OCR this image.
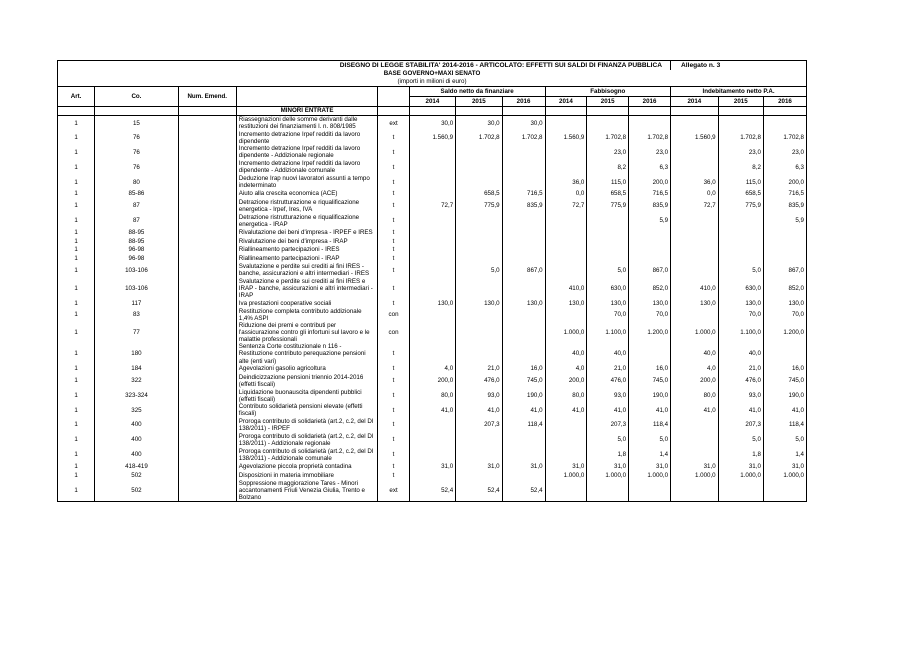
DISEGNO DI LEGGE STABILITA' 2014-2016 - ARTICOLATO: EFFETTI SUI SALDI DI FINANZA PUBBLICA											Allegato n. 3		
BASE GOVERNO+MAXI SENATO													
(importi in milioni di euro)													
Art.	Co.	Num. Emend.			Saldo netto da finanziare			Fabbisogno			Indebitamento netto P.A.		
					2014	2015	2016	2014	2015	2016	2014	2015	2016
			MINORI ENTRATE										
1	15		Riassegnazioni delle somme derivanti dalle restituzioni dei finanziamenti l. n. 808/1985	ext	30,0	30,0	30,0						
1	76		Incremento detrazione Irpef redditi da lavoro dipendente	t	1.560,9	1.702,8	1.702,8	1.560,9	1.702,8	1.702,8	1.560,9	1.702,8	1.702,8
1	76		Incremento detrazione Irpef redditi da lavoro dipendente - Addizionale regionale	t					23,0	23,0		23,0	23,0
1	76		Incremento detrazione Irpef redditi da lavoro dipendente - Addizionale comunale	t					8,2	6,3		8,2	6,3
1	80		Deduzione Irap nuovi lavoratori assunti a tempo indeterminato	t				36,0	115,0	200,0	36,0	115,0	200,0
1	85-86		Aiuto alla crescita economica (ACE)	t		658,5	716,5	0,0	658,5	716,5	0,0	658,5	716,5
1	87		Detrazione ristrutturazione e riqualificazione energetica - Irpef, Ires, IVA	t	72,7	775,9	835,9	72,7	775,9	835,9	72,7	775,9	835,9
1	87		Detrazione ristrutturazione e riqualificazione energetica - IRAP	t						5,9			5,9
1	88-95		Rivalutazione dei beni d'impresa - IRPEF e IRES	t									
1	88-95		Rivalutazione dei beni d'impresa - IRAP	t									
1	96-98		Riallineamento partecipazioni - IRES	t									
1	96-98		Riallineamento partecipazioni - IRAP	t									
1	103-106		Svalutazione e perdite sui crediti ai fini IRES - banche, assicurazioni e altri intermediari - IRES	t		5,0	867,0		5,0	867,0		5,0	867,0
1	103-106		Svalutazione e perdite sui crediti ai fini IRES e IRAP - banche, assicurazioni e altri intermediari - IRAP	t				410,0	630,0	852,0	410,0	630,0	852,0
1	117		Iva prestazioni cooperative sociali	t	130,0	130,0	130,0	130,0	130,0	130,0	130,0	130,0	130,0
1	83		Restituzione completa contributo addizionale 1,4% ASPI	con					70,0	70,0		70,0	70,0
1	77		Riduzione dei premi e contributi per l'assicurazione contro gli infortuni sul lavoro e le malattie professionali	con				1.000,0	1.100,0	1.200,0	1.000,0	1.100,0	1.200,0
1	180		Sentenza Corte costituzionale n 116 - Restituzione contributo perequazione pensioni alte (enti vari)	t				40,0	40,0		40,0	40,0	
1	184		Agevolazioni gasolio agricoltura	t	4,0	21,0	16,0	4,0	21,0	16,0	4,0	21,0	16,0
1	322		Deindicizzazione pensioni triennio 2014-2016 (effetti fiscali)	t	200,0	476,0	745,0	200,0	476,0	745,0	200,0	476,0	745,0
1	323-324		Liquidazione buonauscita dipendenti pubblici (effetti fiscali)	t	80,0	93,0	190,0	80,0	93,0	190,0	80,0	93,0	190,0
1	325		Contributo solidarietà pensioni elevate (effetti fiscali)	t	41,0	41,0	41,0	41,0	41,0	41,0	41,0	41,0	41,0
1	400		Proroga contributo di solidarietà (art.2, c.2, del Dl 138/2011) - IRPEF	t		207,3	118,4		207,3	118,4		207,3	118,4
1	400		Proroga contributo di solidarietà (art.2, c.2, del Dl 138/2011) - Addizionale regionale	t					5,0	5,0		5,0	5,0
1	400		Proroga contributo di solidarietà (art.2, c.2, del Dl 138/2011) - Addizionale comunale	t					1,8	1,4		1,8	1,4
1	418-419		Agevolazione piccola proprietà contadina	t	31,0	31,0	31,0	31,0	31,0	31,0	31,0	31,0	31,0
1	502		Disposizioni in materia immobiliare	t				1.000,0	1.000,0	1.000,0	1.000,0	1.000,0	1.000,0
1	502		Soppressione maggiorazione Tares - Minori accantonamenti Friuli Venezia Giulia, Trento e Bolzano	ext	52,4	52,4	52,4						
